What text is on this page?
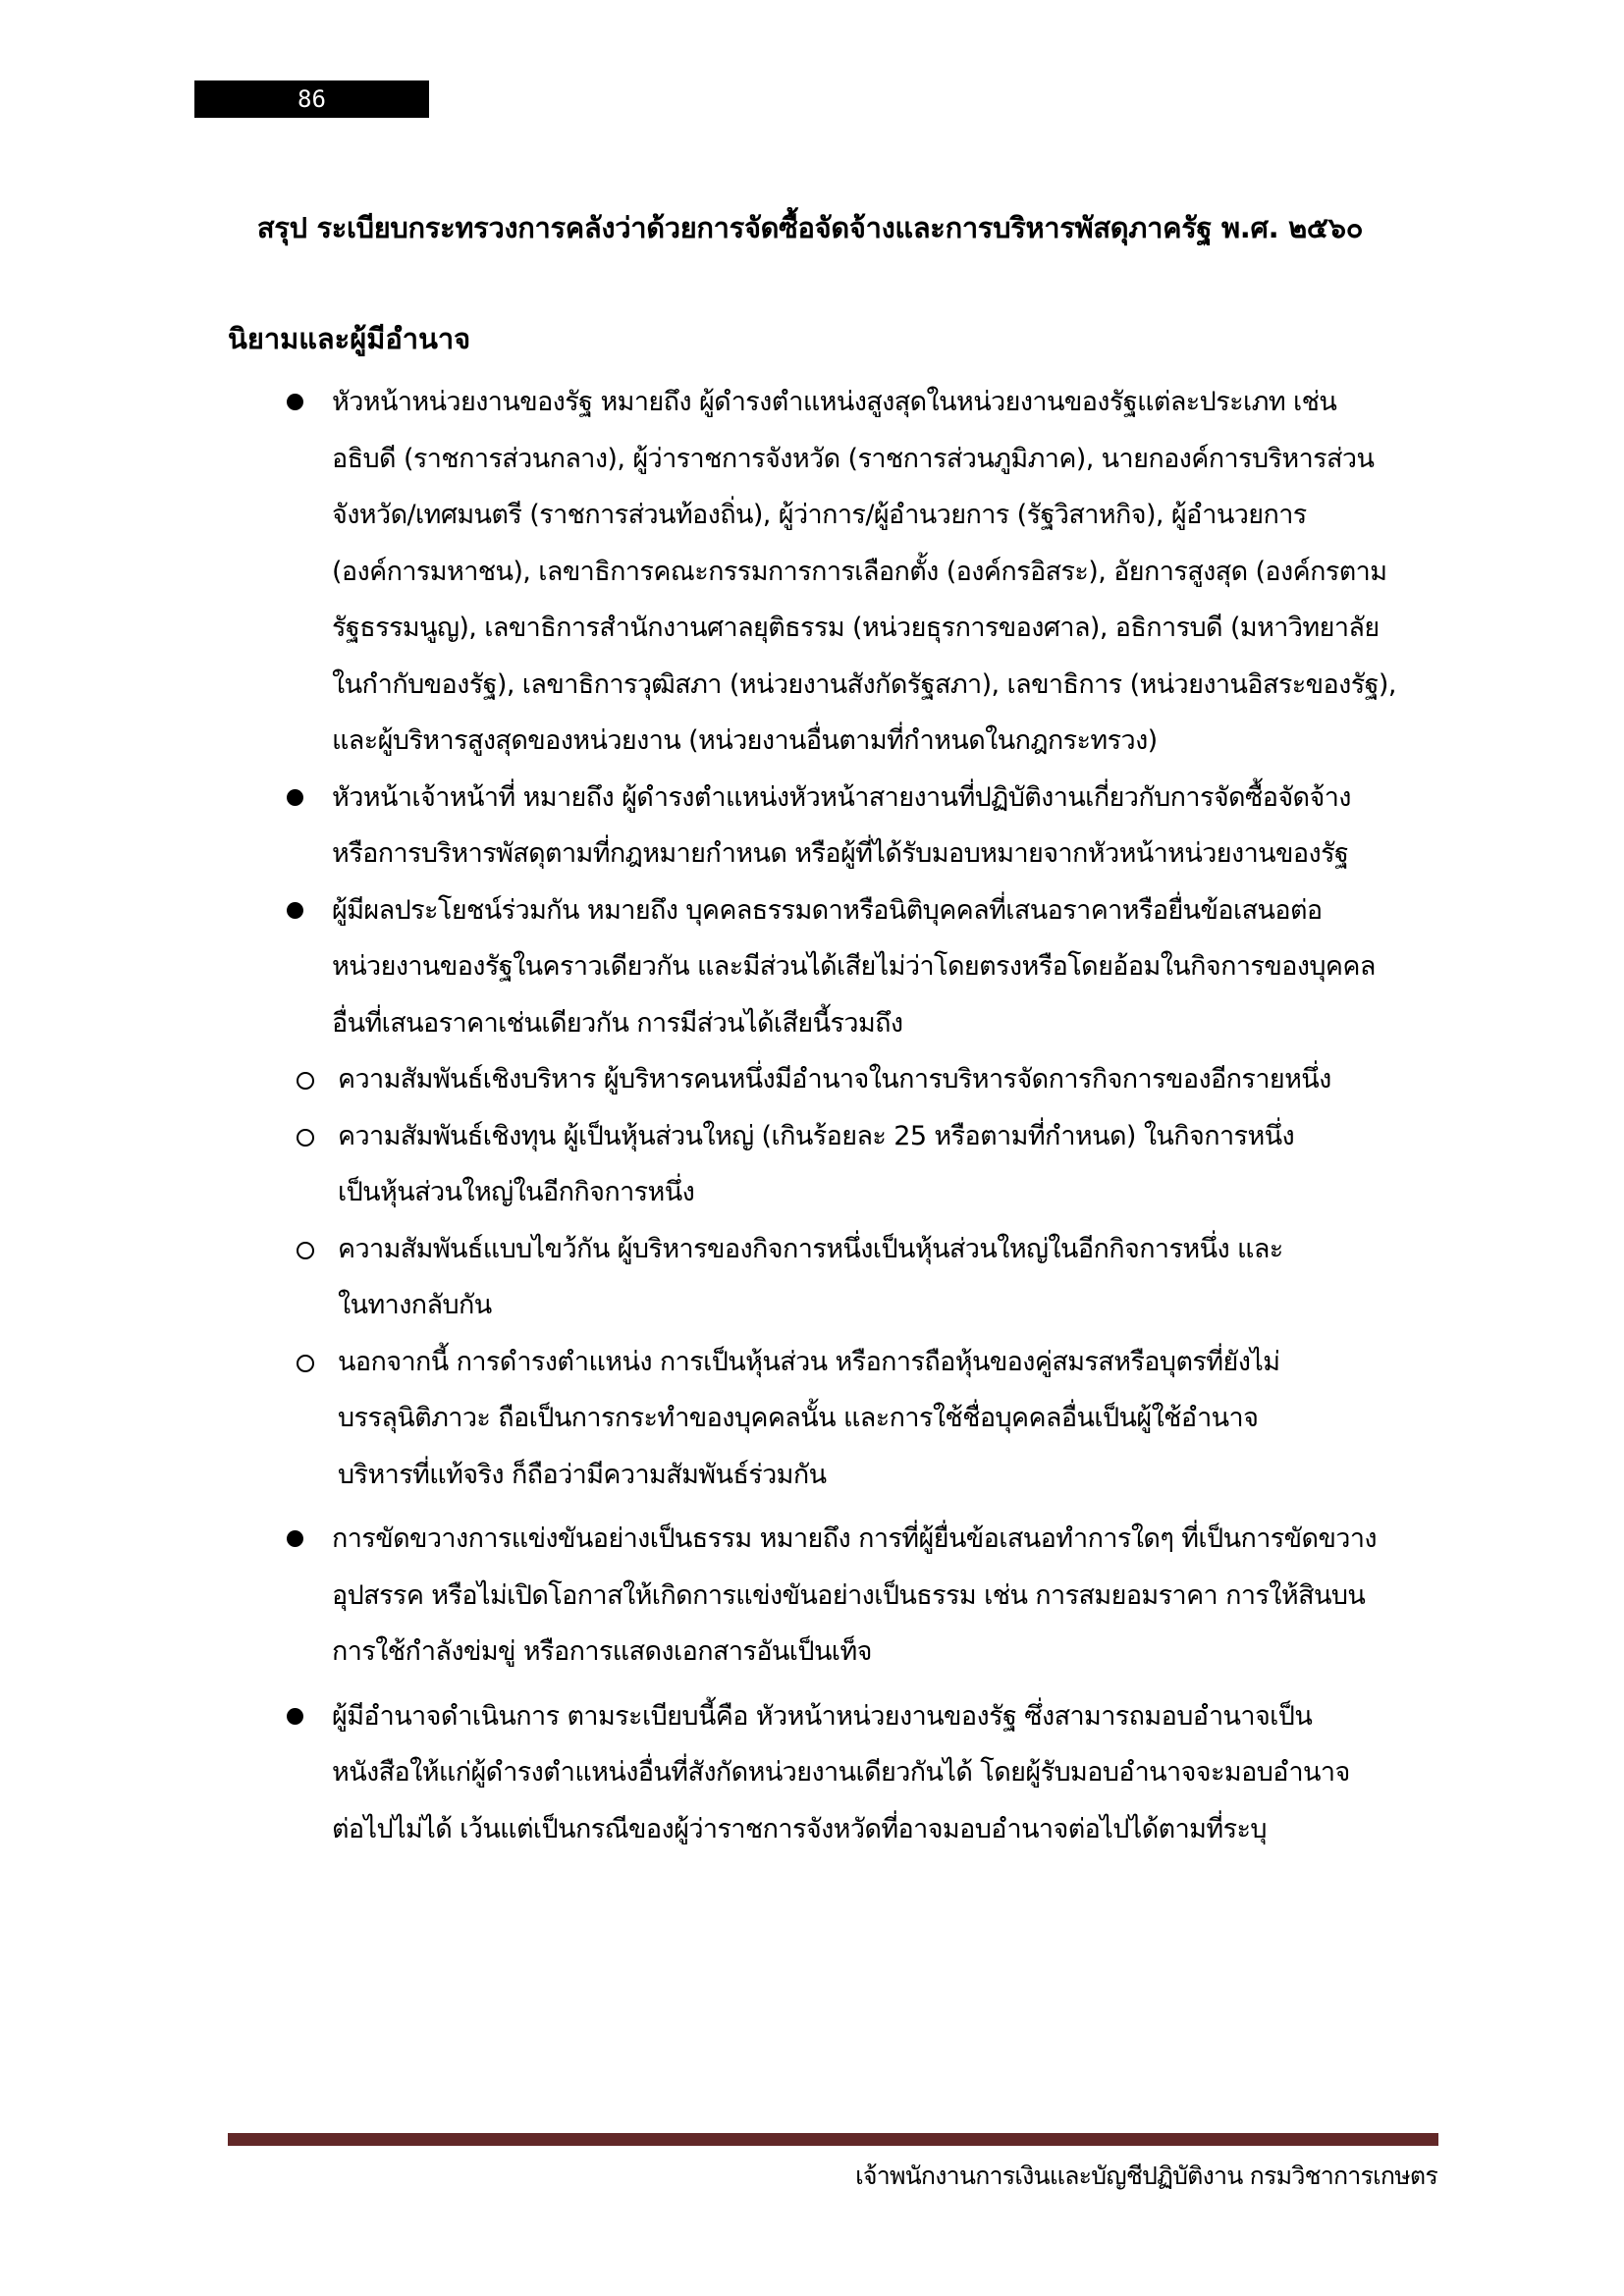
86
สรุป ระเบียบกระทรวงการคลังว่าด้วยการจัดซื้อจัดจ้างและการบริหารพัสดุภาครัฐ พ.ศ. ๒๕๖๐
นิยามและผู้มีอำนาจ
หัวหน้าหน่วยงานของรัฐ หมายถึง ผู้ดำรงตำแหน่งสูงสุดในหน่วยงานของรัฐแต่ละประเภท เช่น
อธิบดี (ราชการส่วนกลาง), ผู้ว่าราชการจังหวัด (ราชการส่วนภูมิภาค), นายกองค์การบริหารส่วน
จังหวัด/เทศมนตรี (ราชการส่วนท้องถิ่น), ผู้ว่าการ/ผู้อำนวยการ (รัฐวิสาหกิจ), ผู้อำนวยการ
(องค์การมหาชน), เลขาธิการคณะกรรมการการเลือกตั้ง (องค์กรอิสระ), อัยการสูงสุด (องค์กรตาม
รัฐธรรมนูญ), เลขาธิการสำนักงานศาลยุติธรรม (หน่วยธุรการของศาล), อธิการบดี (มหาวิทยาลัย
ในกำกับของรัฐ), เลขาธิการวุฒิสภา (หน่วยงานสังกัดรัฐสภา), เลขาธิการ (หน่วยงานอิสระของรัฐ),
และผู้บริหารสูงสุดของหน่วยงาน (หน่วยงานอื่นตามที่กำหนดในกฎกระทรวง)
หัวหน้าเจ้าหน้าที่ หมายถึง ผู้ดำรงตำแหน่งหัวหน้าสายงานที่ปฏิบัติงานเกี่ยวกับการจัดซื้อจัดจ้าง
หรือการบริหารพัสดุตามที่กฎหมายกำหนด หรือผู้ที่ได้รับมอบหมายจากหัวหน้าหน่วยงานของรัฐ
ผู้มีผลประโยชน์ร่วมกัน หมายถึง บุคคลธรรมดาหรือนิติบุคคลที่เสนอราคาหรือยื่นข้อเสนอต่อ
หน่วยงานของรัฐในคราวเดียวกัน และมีส่วนได้เสียไม่ว่าโดยตรงหรือโดยอ้อมในกิจการของบุคคล
อื่นที่เสนอราคาเช่นเดียวกัน การมีส่วนได้เสียนี้รวมถึง
ความสัมพันธ์เชิงบริหาร ผู้บริหารคนหนึ่งมีอำนาจในการบริหารจัดการกิจการของอีกรายหนึ่ง
ความสัมพันธ์เชิงทุน ผู้เป็นหุ้นส่วนใหญ่ (เกินร้อยละ 25 หรือตามที่กำหนด) ในกิจการหนึ่ง
เป็นหุ้นส่วนใหญ่ในอีกกิจการหนึ่ง
ความสัมพันธ์แบบไขว้กัน ผู้บริหารของกิจการหนึ่งเป็นหุ้นส่วนใหญ่ในอีกกิจการหนึ่ง และ
ในทางกลับกัน
นอกจากนี้ การดำรงตำแหน่ง การเป็นหุ้นส่วน หรือการถือหุ้นของคู่สมรสหรือบุตรที่ยังไม่
บรรลุนิติภาวะ ถือเป็นการกระทำของบุคคลนั้น และการใช้ชื่อบุคคลอื่นเป็นผู้ใช้อำนาจ
บริหารที่แท้จริง ก็ถือว่ามีความสัมพันธ์ร่วมกัน
การขัดขวางการแข่งขันอย่างเป็นธรรม หมายถึง การที่ผู้ยื่นข้อเสนอทำการใดๆ ที่เป็นการขัดขวาง
อุปสรรค หรือไม่เปิดโอกาสให้เกิดการแข่งขันอย่างเป็นธรรม เช่น การสมยอมราคา การให้สินบน
การใช้กำลังข่มขู่ หรือการแสดงเอกสารอันเป็นเท็จ
ผู้มีอำนาจดำเนินการ ตามระเบียบนี้คือ หัวหน้าหน่วยงานของรัฐ ซึ่งสามารถมอบอำนาจเป็น
หนังสือให้แก่ผู้ดำรงตำแหน่งอื่นที่สังกัดหน่วยงานเดียวกันได้ โดยผู้รับมอบอำนาจจะมอบอำนาจ
ต่อไปไม่ได้ เว้นแต่เป็นกรณีของผู้ว่าราชการจังหวัดที่อาจมอบอำนาจต่อไปได้ตามที่ระบุ
เจ้าพนักงานการเงินและบัญชีปฏิบัติงาน กรมวิชาการเกษตร
